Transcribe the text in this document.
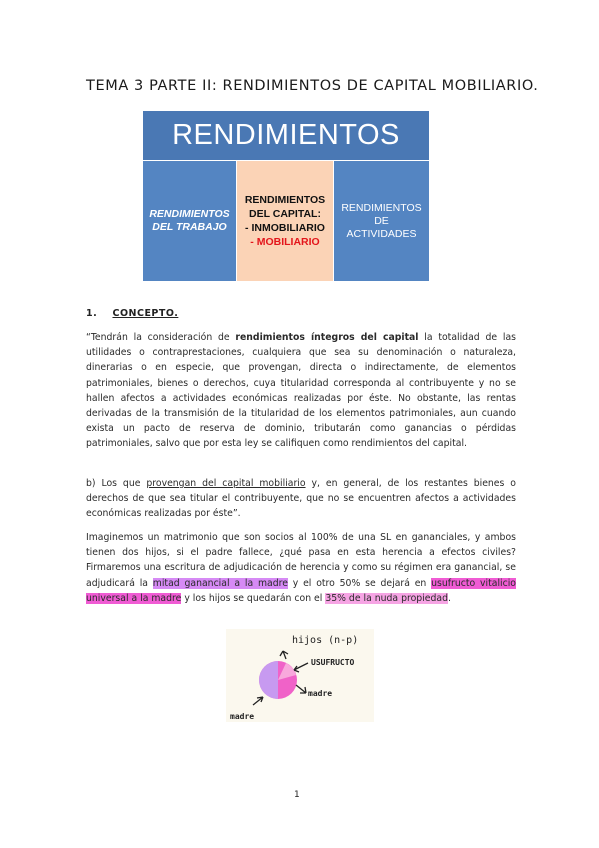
TEMA 3 PARTE II: RENDIMIENTOS DE CAPITAL MOBILIARIO.
RENDIMIENTOS
RENDIMIENTOS
DEL TRABAJO
RENDIMIENTOS
DEL CAPITAL:
- INMOBILIARIO
- MOBILIARIO
RENDIMIENTOS
DE
ACTIVIDADES
1. CONCEPTO.
“Tendrán la consideración de rendimientos íntegros del capital la totalidad de las utilidades o contraprestaciones, cualquiera que sea su denominación o naturaleza, dinerarias o en especie, que provengan, directa o indirectamente, de elementos patrimoniales, bienes o derechos, cuya titularidad corresponda al contribuyente y no se hallen afectos a actividades económicas realizadas por éste. No obstante, las rentas derivadas de la transmisión de la titularidad de los elementos patrimoniales, aun cuando exista un pacto de reserva de dominio, tributarán como ganancias o pérdidas patrimoniales, salvo que por esta ley se califiquen como rendimientos del capital.
b) Los que provengan del capital mobiliario y, en general, de los restantes bienes o derechos de que sea titular el contribuyente, que no se encuentren afectos a actividades económicas realizadas por éste”.
Imaginemos un matrimonio que son socios al 100% de una SL en gananciales, y ambos tienen dos hijos, si el padre fallece, ¿qué pasa en esta herencia a efectos civiles? Firmaremos una escritura de adjudicación de herencia y como su régimen era ganancial, se adjudicará la mitad ganancial a la madre y el otro 50% se dejará en usufructo vitalicio universal a la madre y los hijos se quedarán con el 35% de la nuda propiedad.
hijos (n-p)
USUFRUCTO
madre
madre
1
